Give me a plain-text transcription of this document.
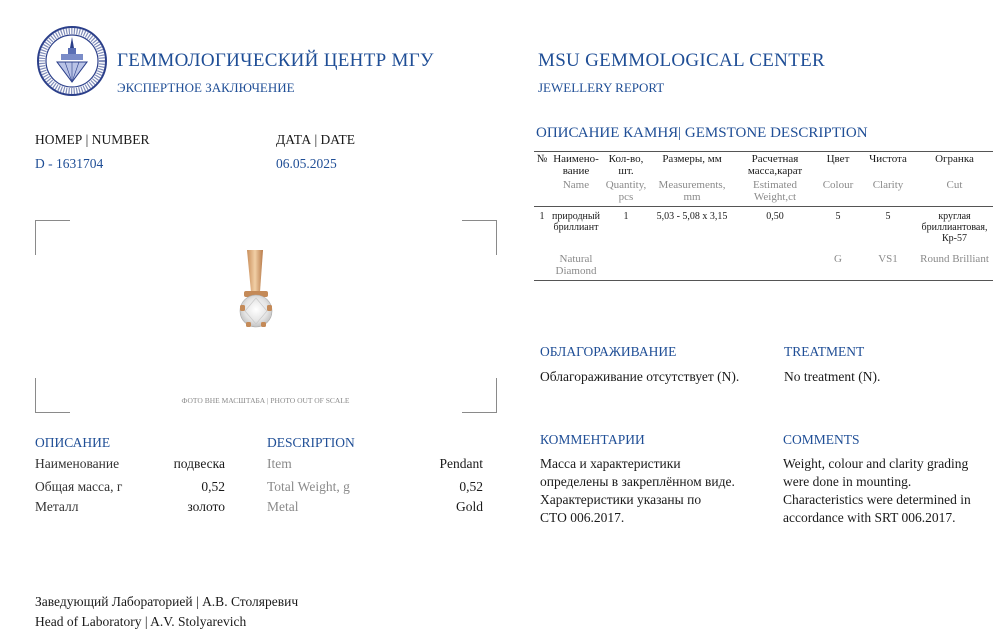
ГЕММОЛОГИЧЕСКИЙ ЦЕНТР МГУ
ЭКСПЕРТНОЕ ЗАКЛЮЧЕНИЕ
MSU GEMMOLOGICAL CENTER
JEWELLERY REPORT
НОМЕР | NUMBER
D - 1631704
ДАТА | DATE
06.05.2025
ФОТО ВНЕ МАСШТАБА | PHOTO OUT OF SCALE
ОПИСАНИЕ КАМНЯ| GEMSTONE DESCRIPTION
№	Наимено-вание	Кол-во, шт.	Размеры, мм	Расчетная масса,карат	Цвет	Чистота	Огранка
	Name	Quantity, pcs	Measurements, mm	Estimated Weight,ct	Colour	Clarity	Cut
1	природный бриллиант	1	5,03 - 5,08 x 3,15	0,50	5	5	круглая бриллиантовая, Кр-57
	Natural Diamond				G	VS1	Round Brilliant
ОБЛАГОРАЖИВАНИЕ
Облагораживание отсутствует (N).
TREATMENT
No treatment (N).
ОПИСАНИЕ	DESCRIPTION
Наименование	подвеска
Общая масса, г	0,52
Металл	золото
Item	Pendant
Total Weight, g	0,52
Metal	Gold
КОММЕНТАРИИ
Масса и характеристики
определены в закреплённом виде.
Характеристики указаны по
СТО 006.2017.
COMMENTS
Weight, colour and clarity grading
were done in mounting.
Characteristics were determined in
accordance with SRT 006.2017.
Заведующий Лабораторией | А.В. Столяревич
Head of Laboratory | A.V. Stolyarevich
